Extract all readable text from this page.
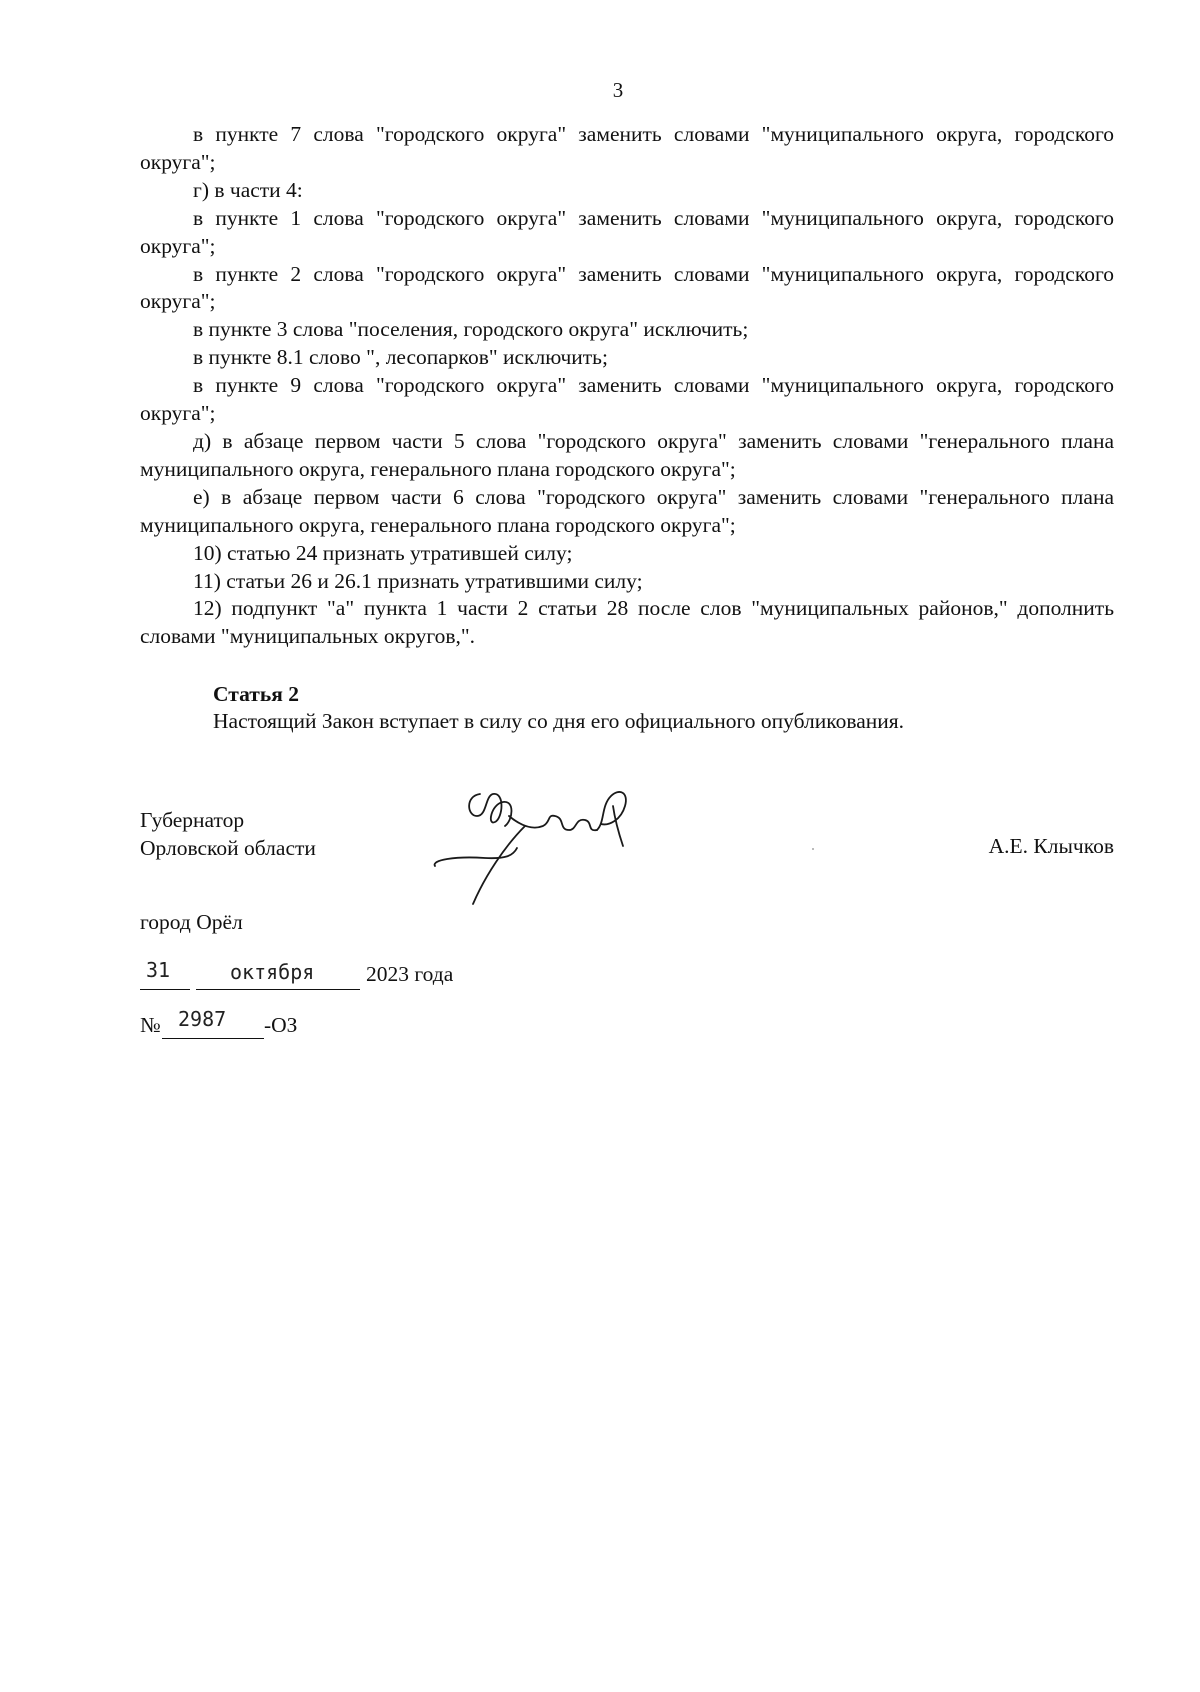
3

в пункте 7 слова "городского округа" заменить словами "муниципального округа, городского округа";

г) в части 4:

в пункте 1 слова "городского округа" заменить словами "муниципального округа, городского округа";

в пункте 2 слова "городского округа" заменить словами "муниципального округа, городского округа";

в пункте 3 слова "поселения, городского округа" исключить;

в пункте 8.1 слово ", лесопарков" исключить;

в пункте 9 слова "городского округа" заменить словами "муниципального округа, городского округа";

д) в абзаце первом части 5 слова "городского округа" заменить словами "генерального плана муниципального округа, генерального плана городского округа";

е) в абзаце первом части 6 слова "городского округа" заменить словами "генерального плана муниципального округа, генерального плана городского округа";

10) статью 24 признать утратившей силу;

11) статьи 26 и 26.1 признать утратившими силу;

12) подпункт "а" пункта 1 части 2 статьи 28 после слов "муниципальных районов," дополнить словами "муниципальных округов,".

Статья 2
Настоящий Закон вступает в силу со дня его официального опубликования.
Губернатор
Орловской области	А.Е. Клычков
город Орёл
31	октября 2023 года
№ 2987 -ОЗ
